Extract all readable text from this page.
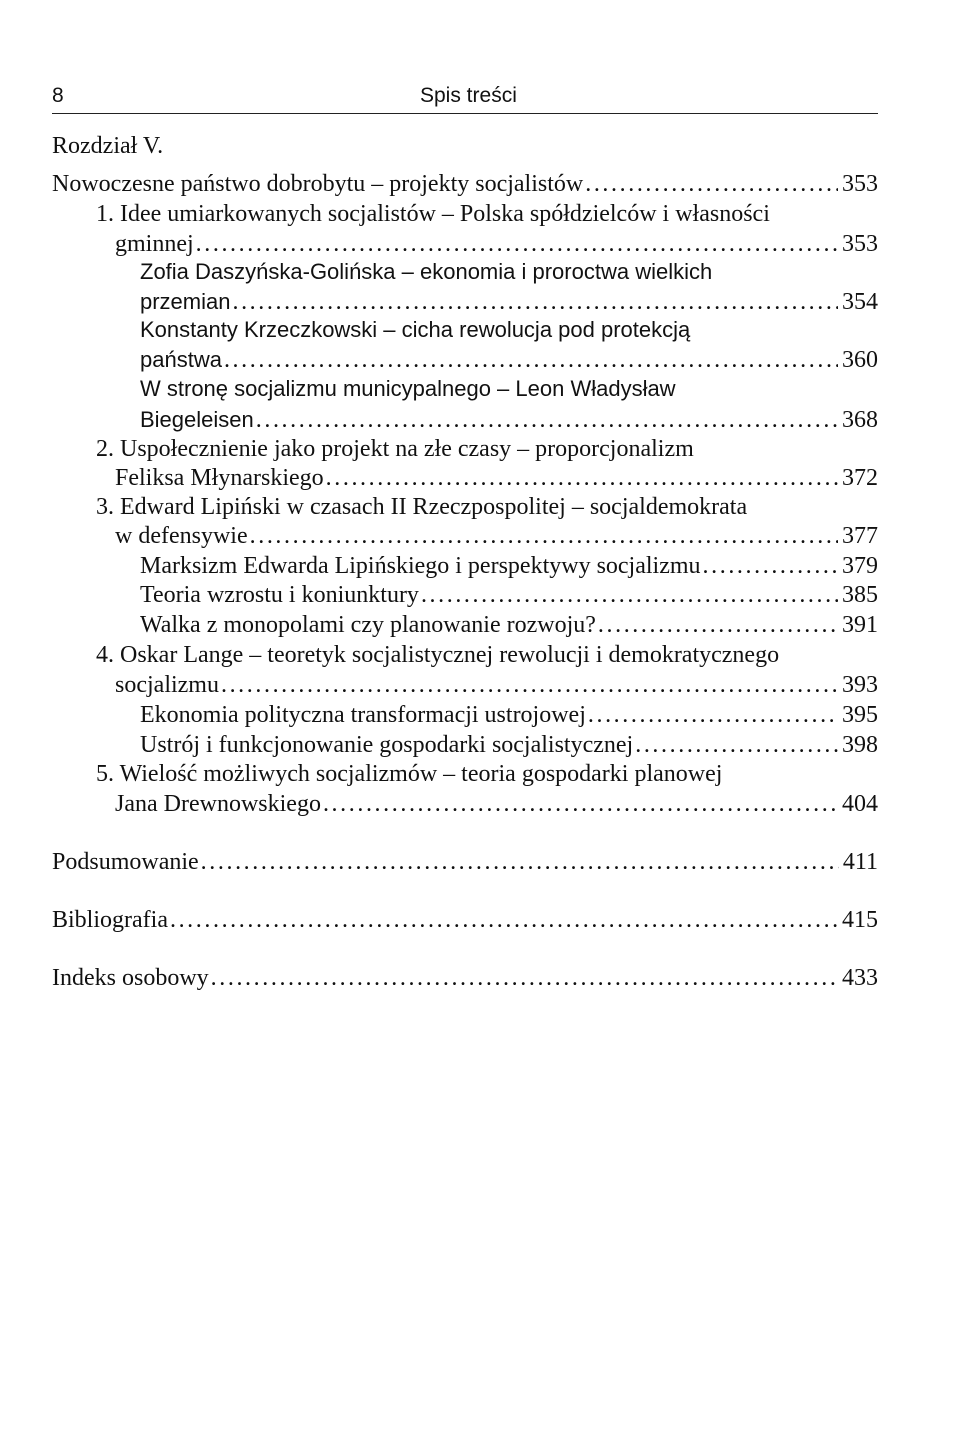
8	Spis treści
Rozdział V.
Nowoczesne państwo dobrobytu – projekty socjalistów .....	353
1. Idee umiarkowanych socjalistów – Polska spółdzielców i własności
gminnej .....	353
Zofia Daszyńska-Golińska – ekonomia i proroctwa wielkich
przemian .....	354
Konstanty Krzeczkowski – cicha rewolucja pod protekcją
państwa .....	360
W stronę socjalizmu municypalnego – Leon Władysław
Biegeleisen .....	368
2. Uspołecznienie jako projekt na złe czasy – proporcjonalizm
Feliksa Młynarskiego .....	372
3. Edward Lipiński w czasach II Rzeczpospolitej – socjaldemokrata
w defensywie .....	377
Marksizm Edwarda Lipińskiego i perspektywy socjalizmu .....	379
Teoria wzrostu i koniunktury .....	385
Walka z monopolami czy planowanie rozwoju? .....	391
4. Oskar Lange – teoretyk socjalistycznej rewolucji i demokratycznego
socjalizmu .....	393
Ekonomia polityczna transformacji ustrojowej .....	395
Ustrój i funkcjonowanie gospodarki socjalistycznej .....	398
5. Wielość możliwych socjalizmów – teoria gospodarki planowej
Jana Drewnowskiego .....	404
Podsumowanie .....	411
Bibliografia .....	415
Indeks osobowy .....	433
